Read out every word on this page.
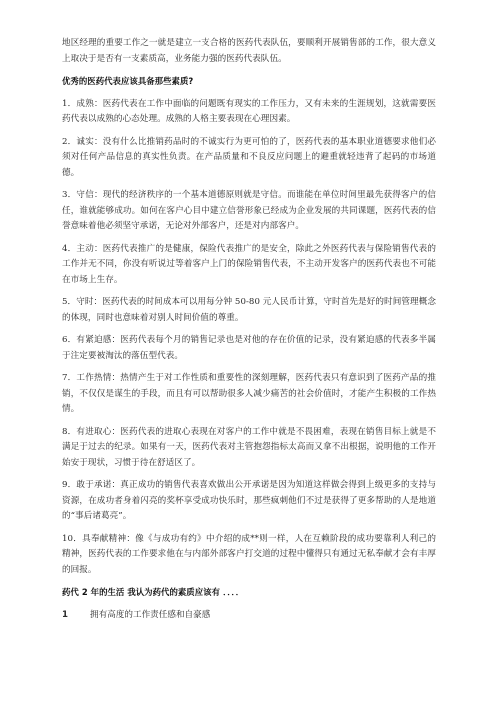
地区经理的重要工作之一就是建立一支合格的医药代表队伍，要顺利开展销售部的工作，很大意义上取决于是否有一支素质高，业务能力强的医药代表队伍。

优秀的医药代表应该具备那些素质?

1．成熟：医药代表在工作中面临的问题既有现实的工作压力，又有未来的生涯规划，这就需要医药代表以成熟的心态处理。成熟的人格主要表现在心理因素。

2．诚实：没有什么比推销药品时的不诚实行为更可怕的了，医药代表的基本职业道德要求他们必须对任何产品信息的真实性负责。在产品质量和不良反应问题上的避重就轻违背了起码的市场道德。

3．守信：现代的经济秩序的一个基本道德原则就是守信。而谁能在单位时间里最先获得客户的信任，谁就能够成功。如何在客户心目中建立信誉形象已经成为企业发展的共同课题，医药代表的信誉意味着他必须坚守承诺，无论对外部客户，还是对内部客户。

4．主动：医药代表推广的是健康，保险代表推广的是安全，除此之外医药代表与保险销售代表的工作并无不同，你没有听说过等着客户上门的保险销售代表，不主动开发客户的医药代表也不可能在市场上生存。

5．守时：医药代表的时间成本可以用每分钟 50-80 元人民币计算，守时首先是好的时间管理概念的体现，同时也意味着对别人时间价值的尊重。

6．有紧迫感：医药代表每个月的销售记录也是对他的存在价值的记录，没有紧迫感的代表多半属于注定要被淘汰的落伍型代表。

7．工作热情：热情产生于对工作性质和重要性的深刻理解，医药代表只有意识到了医药产品的推销，不仅仅是谋生的手段，而且有可以帮助很多人减少痛苦的社会价值时，才能产生积极的工作热情。

8．有进取心：医药代表的进取心表现在对客户的工作中就是不畏困难，表现在销售目标上就是不满足于过去的纪录。如果有一天，医药代表对主管抱怨指标太高而又拿不出根据，说明他的工作开始安于现状，习惯于待在舒适区了。

9．敢于承诺：真正成功的销售代表喜欢做出公开承诺是因为知道这样做会得到上级更多的支持与资源，在成功者身着闪亮的奖杯享受成功快乐时，那些疯刺他们不过是获得了更多帮助的人是地道的“事后诸葛亮”。

10．具奉献精神：像《与成功有约》中介绍的成**则一样，人在互赖阶段的成功要靠利人利己的精神，医药代表的工作要求他在与内部外部客户打交道的过程中懂得只有通过无私奉献才会有丰厚的回报。

药代 2 年的生活 我认为药代的素质应该有 ．．．．

1	拥有高度的工作责任感和自豪感
